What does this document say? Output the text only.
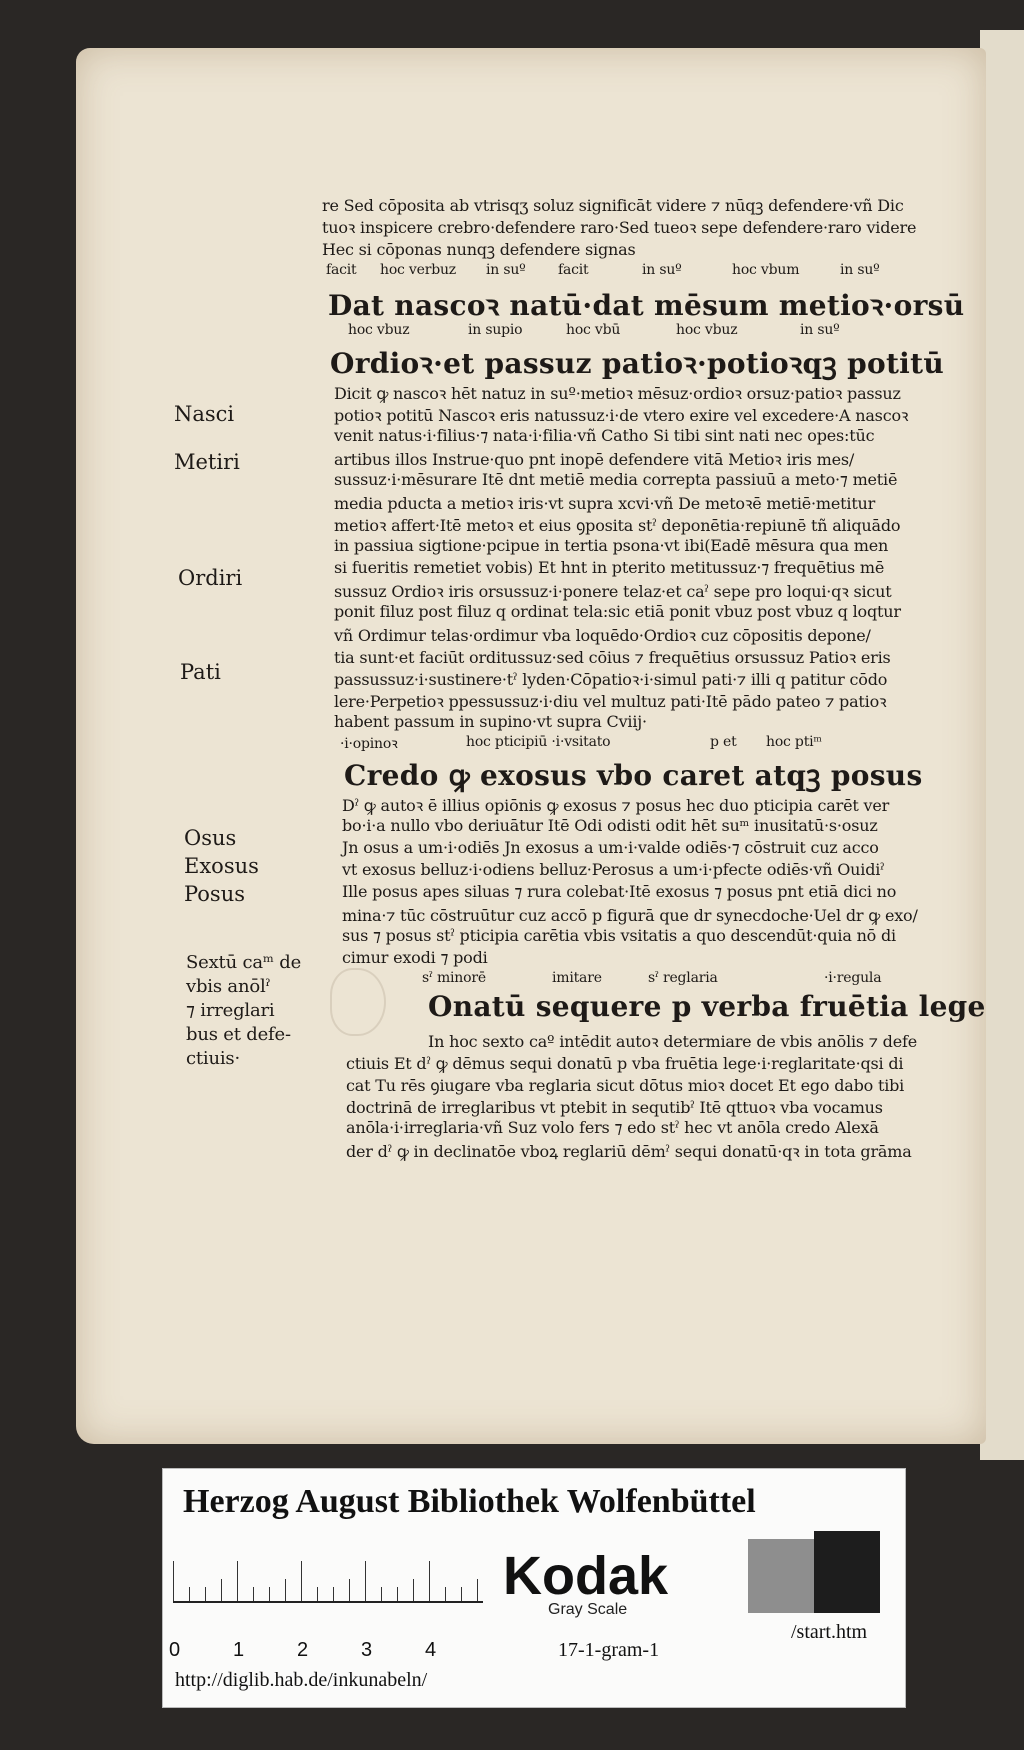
re Sed cōposita ab vtrisqʒ soluz significāt videre ⁊ nūqꝫ defendere·vñ Dic
tuoꝛ inspicere crebro·defendere raro·Sed tueoꝛ sepe defendere·raro videre
Hec si cōponas nunqꝫ defendere signas
facit hoc verbuz in suº facit	in suº	hoc vbum	in suº
Dat nascoꝛ natū·dat mēsum metioꝛ·orsū
hoc vbuz	in supio	hoc vbū	hoc vbuz	in suº
Ordioꝛ·et passuz patioꝛ·potioꝛqꝫ potitū
Dicit ꝙ nascoꝛ hēt natuz in suº·metioꝛ mēsuz·ordioꝛ orsuz·patioꝛ passuz
potioꝛ potitū Nascoꝛ eris natussuz·i·de vtero exire vel excedere·A nascoꝛ
venit natus·i·filius·⁊ nata·i·filia·vñ Catho Si tibi sint nati nec opes:tūc
artibus illos Instrue·quo pnt inopē defendere vitā Metioꝛ iris mes/
sussuz·i·mēsurare Itē dnt metiē media correpta passiuū a meto·⁊ metiē
media pducta a metioꝛ iris·vt supra xcvi·vñ De metoꝛē metiē·metitur
metioꝛ affert·Itē metoꝛ et eius ꝯposita stˀ deponētia·repiunē tñ aliquādo
in passiua sigtione·pcipue in tertia psona·vt ibi(Eadē mēsura qua men
si fueritis remetiet vobis) Et hnt in pterito metitussuz·⁊ frequētius mē
sussuz Ordioꝛ iris orsussuz·i·ponere telaz·et caˀ sepe pro loqui·qꝛ sicut
ponit filuz post filuz q ordinat tela:sic etiā ponit vbuz post vbuz q loqtur
vñ Ordimur telas·ordimur vba loquēdo·Ordioꝛ cuz cōpositis depone/
tia sunt·et faciūt orditussuz·sed cōius ⁊ frequētius orsussuz Patioꝛ eris
passussuz·i·sustinere·tˀ lyden·Cōpatioꝛ·i·simul pati·⁊ illi q patitur cōdo
lere·Perpetioꝛ ppessussuz·i·diu vel multuz pati·Itē pādo pateo ⁊ patioꝛ
habent passum in supino·vt supra Cviij·
·i·opinoꝛ	hoc pticipiū ·i·vsitato	p et hoc ptiᵐ
Credo ꝙ exosus vbo caret atqꝫ posus
Dˀ ꝙ autoꝛ ē illius opiōnis ꝙ exosus ⁊ posus hec duo pticipia carēt ver
bo·i·a nullo vbo deriuātur Itē Odi odisti odit hēt suᵐ inusitatū·s·osuz
Jn osus a um·i·odiēs Jn exosus a um·i·valde odiēs·⁊ cōstruit cuz acco
vt exosus belluz·i·odiens belluz·Perosus a um·i·pfecte odiēs·vñ Ouidiˀ
Ille posus apes siluas ⁊ rura colebat·Itē exosus ⁊ posus pnt etiā dici no
mina·⁊ tūc cōstruūtur cuz accō p figurā que dr synecdoche·Uel dr ꝙ exo/
sus ⁊ posus stˀ pticipia carētia vbis vsitatis a quo descendūt·quia nō di
cimur exodi ⁊ podi
sˀ minorē	imitare	sˀ reglaria	·i·regula
Onatū sequere p verba fruētia lege
In hoc sexto caº intēdit autoꝛ determiare de vbis anōlis ⁊ defe
ctiuis Et dˀ ꝙ dēmus sequi donatū p vba fruētia lege·i·reglaritate·qsi di
cat Tu rēs ꝯiugare vba reglaria sicut dōtus mioꝛ docet Et ego dabo tibi
doctrinā de irreglaribus vt ptebit in sequtibˀ Itē qttuoꝛ vba vocamus
anōla·i·irreglaria·vñ Suz volo fers ⁊ edo stˀ hec vt anōla credo Alexā
der dˀ ꝙ in declinatōe vboꝝ reglariū dēmˀ sequi donatū·qꝛ in tota grāma
Nasci
Metiri
Ordiri
Pati
Osus
Exosus
Posus
Sextū caᵐ de
vbis anōlˀ
⁊ irreglari
bus et defe-
ctiuis·
Herzog August Bibliothek Wolfenbüttel
0	1	2	3	4
Kodak
Gray Scale
http://diglib.hab.de/inkunabeln/
17-1-gram-1
/start.htm
